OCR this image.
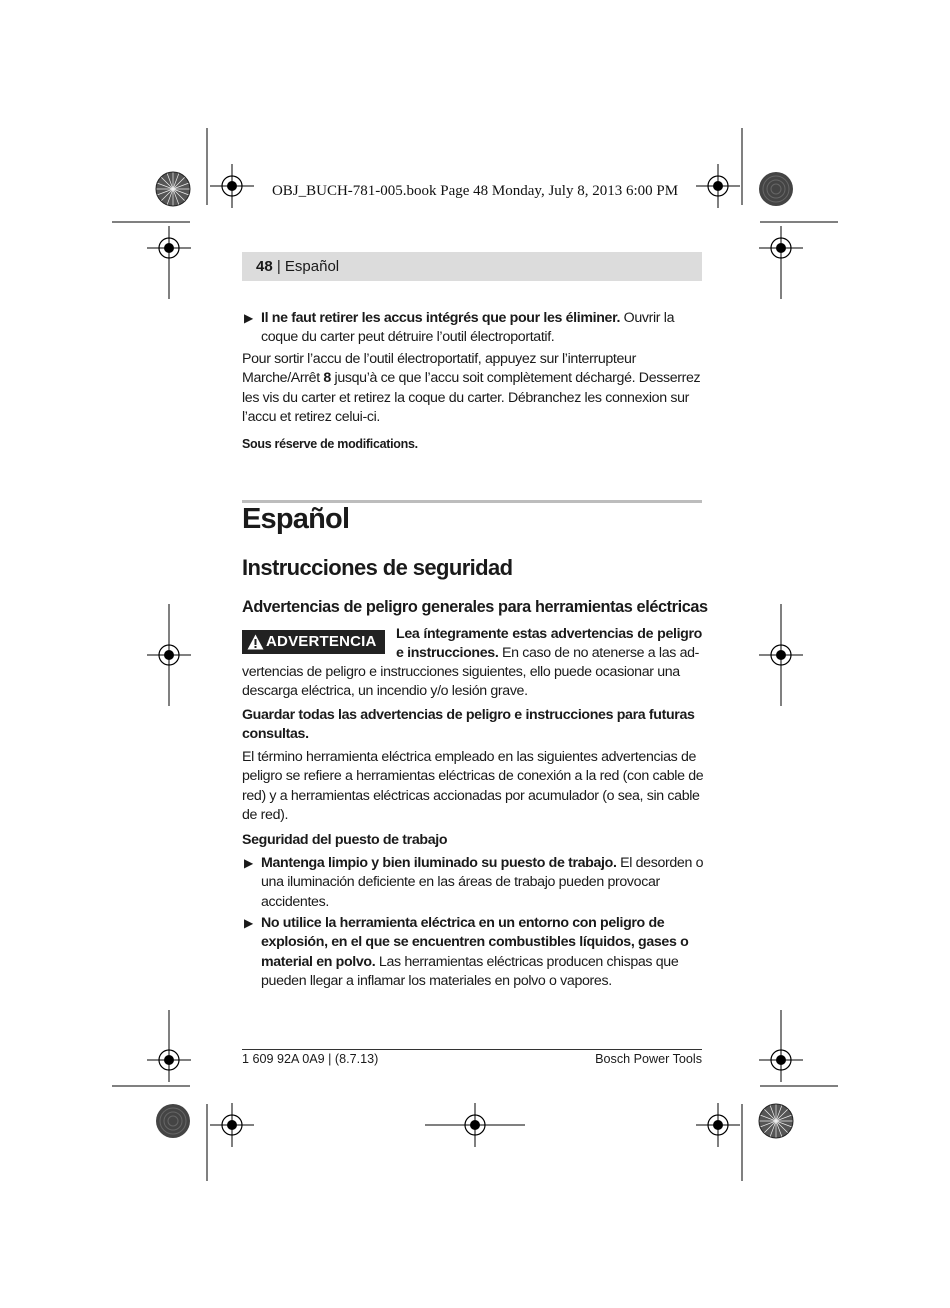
OBJ_BUCH-781-005.book Page 48 Monday, July 8, 2013 6:00 PM
48 | Español
▶ Il ne faut retirer les accus intégrés que pour les éliminer. Ouvrir la coque du carter peut détruire l’outil électroportatif.
Pour sortir l’accu de l’outil électroportatif, appuyez sur l’interrupteur Marche/Arrêt 8 jusqu’à ce que l’accu soit complètement déchargé. Desserrez les vis du carter et retirez la coque du carter. Débranchez les connexion sur l’accu et retirez celui-ci.
Sous réserve de modifications.
Español
Instrucciones de seguridad
Advertencias de peligro generales para herramientas eléctricas
ADVERTENCIA	Lea íntegramente estas advertencias de peligro e instrucciones. En caso de no atenerse a las ad-
vertencias de peligro e instrucciones siguientes, ello puede ocasionar una descarga eléctrica, un incendio y/o lesión grave.
Guardar todas las advertencias de peligro e instrucciones para futuras consultas.
El término herramienta eléctrica empleado en las siguientes advertencias de peligro se refiere a herramientas eléctricas de conexión a la red (con cable de red) y a herramientas eléctricas accionadas por acumulador (o sea, sin cable de red).
Seguridad del puesto de trabajo
▶ Mantenga limpio y bien iluminado su puesto de trabajo. El desorden o una iluminación deficiente en las áreas de trabajo pueden provocar accidentes.
▶ No utilice la herramienta eléctrica en un entorno con peligro de explosión, en el que se encuentren combustibles líquidos, gases o material en polvo. Las herramientas eléctricas producen chispas que pueden llegar a inflamar los materiales en polvo o vapores.
1 609 92A 0A9 | (8.7.13)	Bosch Power Tools
